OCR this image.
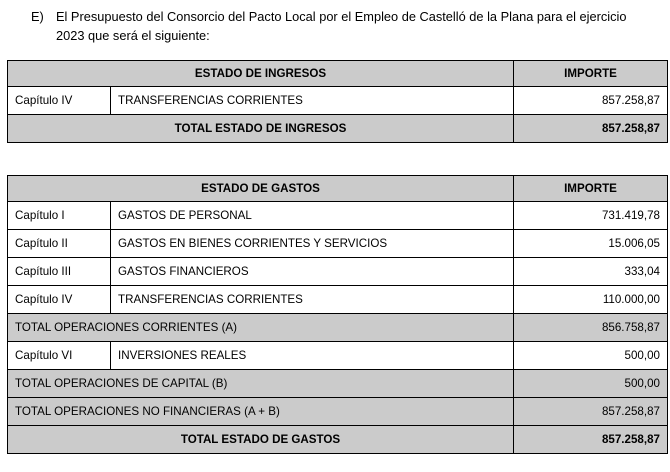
E) El Presupuesto del Consorcio del Pacto Local por el Empleo de Castelló de la Plana para el ejercicio 2023 que será el siguiente:
ESTADO DE INGRESOS		IMPORTE
Capítulo IV	TRANSFERENCIAS CORRIENTES	857.258,87
TOTAL ESTADO DE INGRESOS		857.258,87
ESTADO DE GASTOS		IMPORTE
Capítulo I	GASTOS DE PERSONAL	731.419,78
Capítulo II	GASTOS EN BIENES CORRIENTES Y SERVICIOS	15.006,05
Capítulo III	GASTOS FINANCIEROS	333,04
Capítulo IV	TRANSFERENCIAS CORRIENTES	110.000,00
TOTAL OPERACIONES CORRIENTES (A)		856.758,87
Capítulo VI	INVERSIONES REALES	500,00
TOTAL OPERACIONES DE CAPITAL (B)		500,00
TOTAL OPERACIONES NO FINANCIERAS (A + B)		857.258,87
TOTAL ESTADO DE GASTOS		857.258,87
